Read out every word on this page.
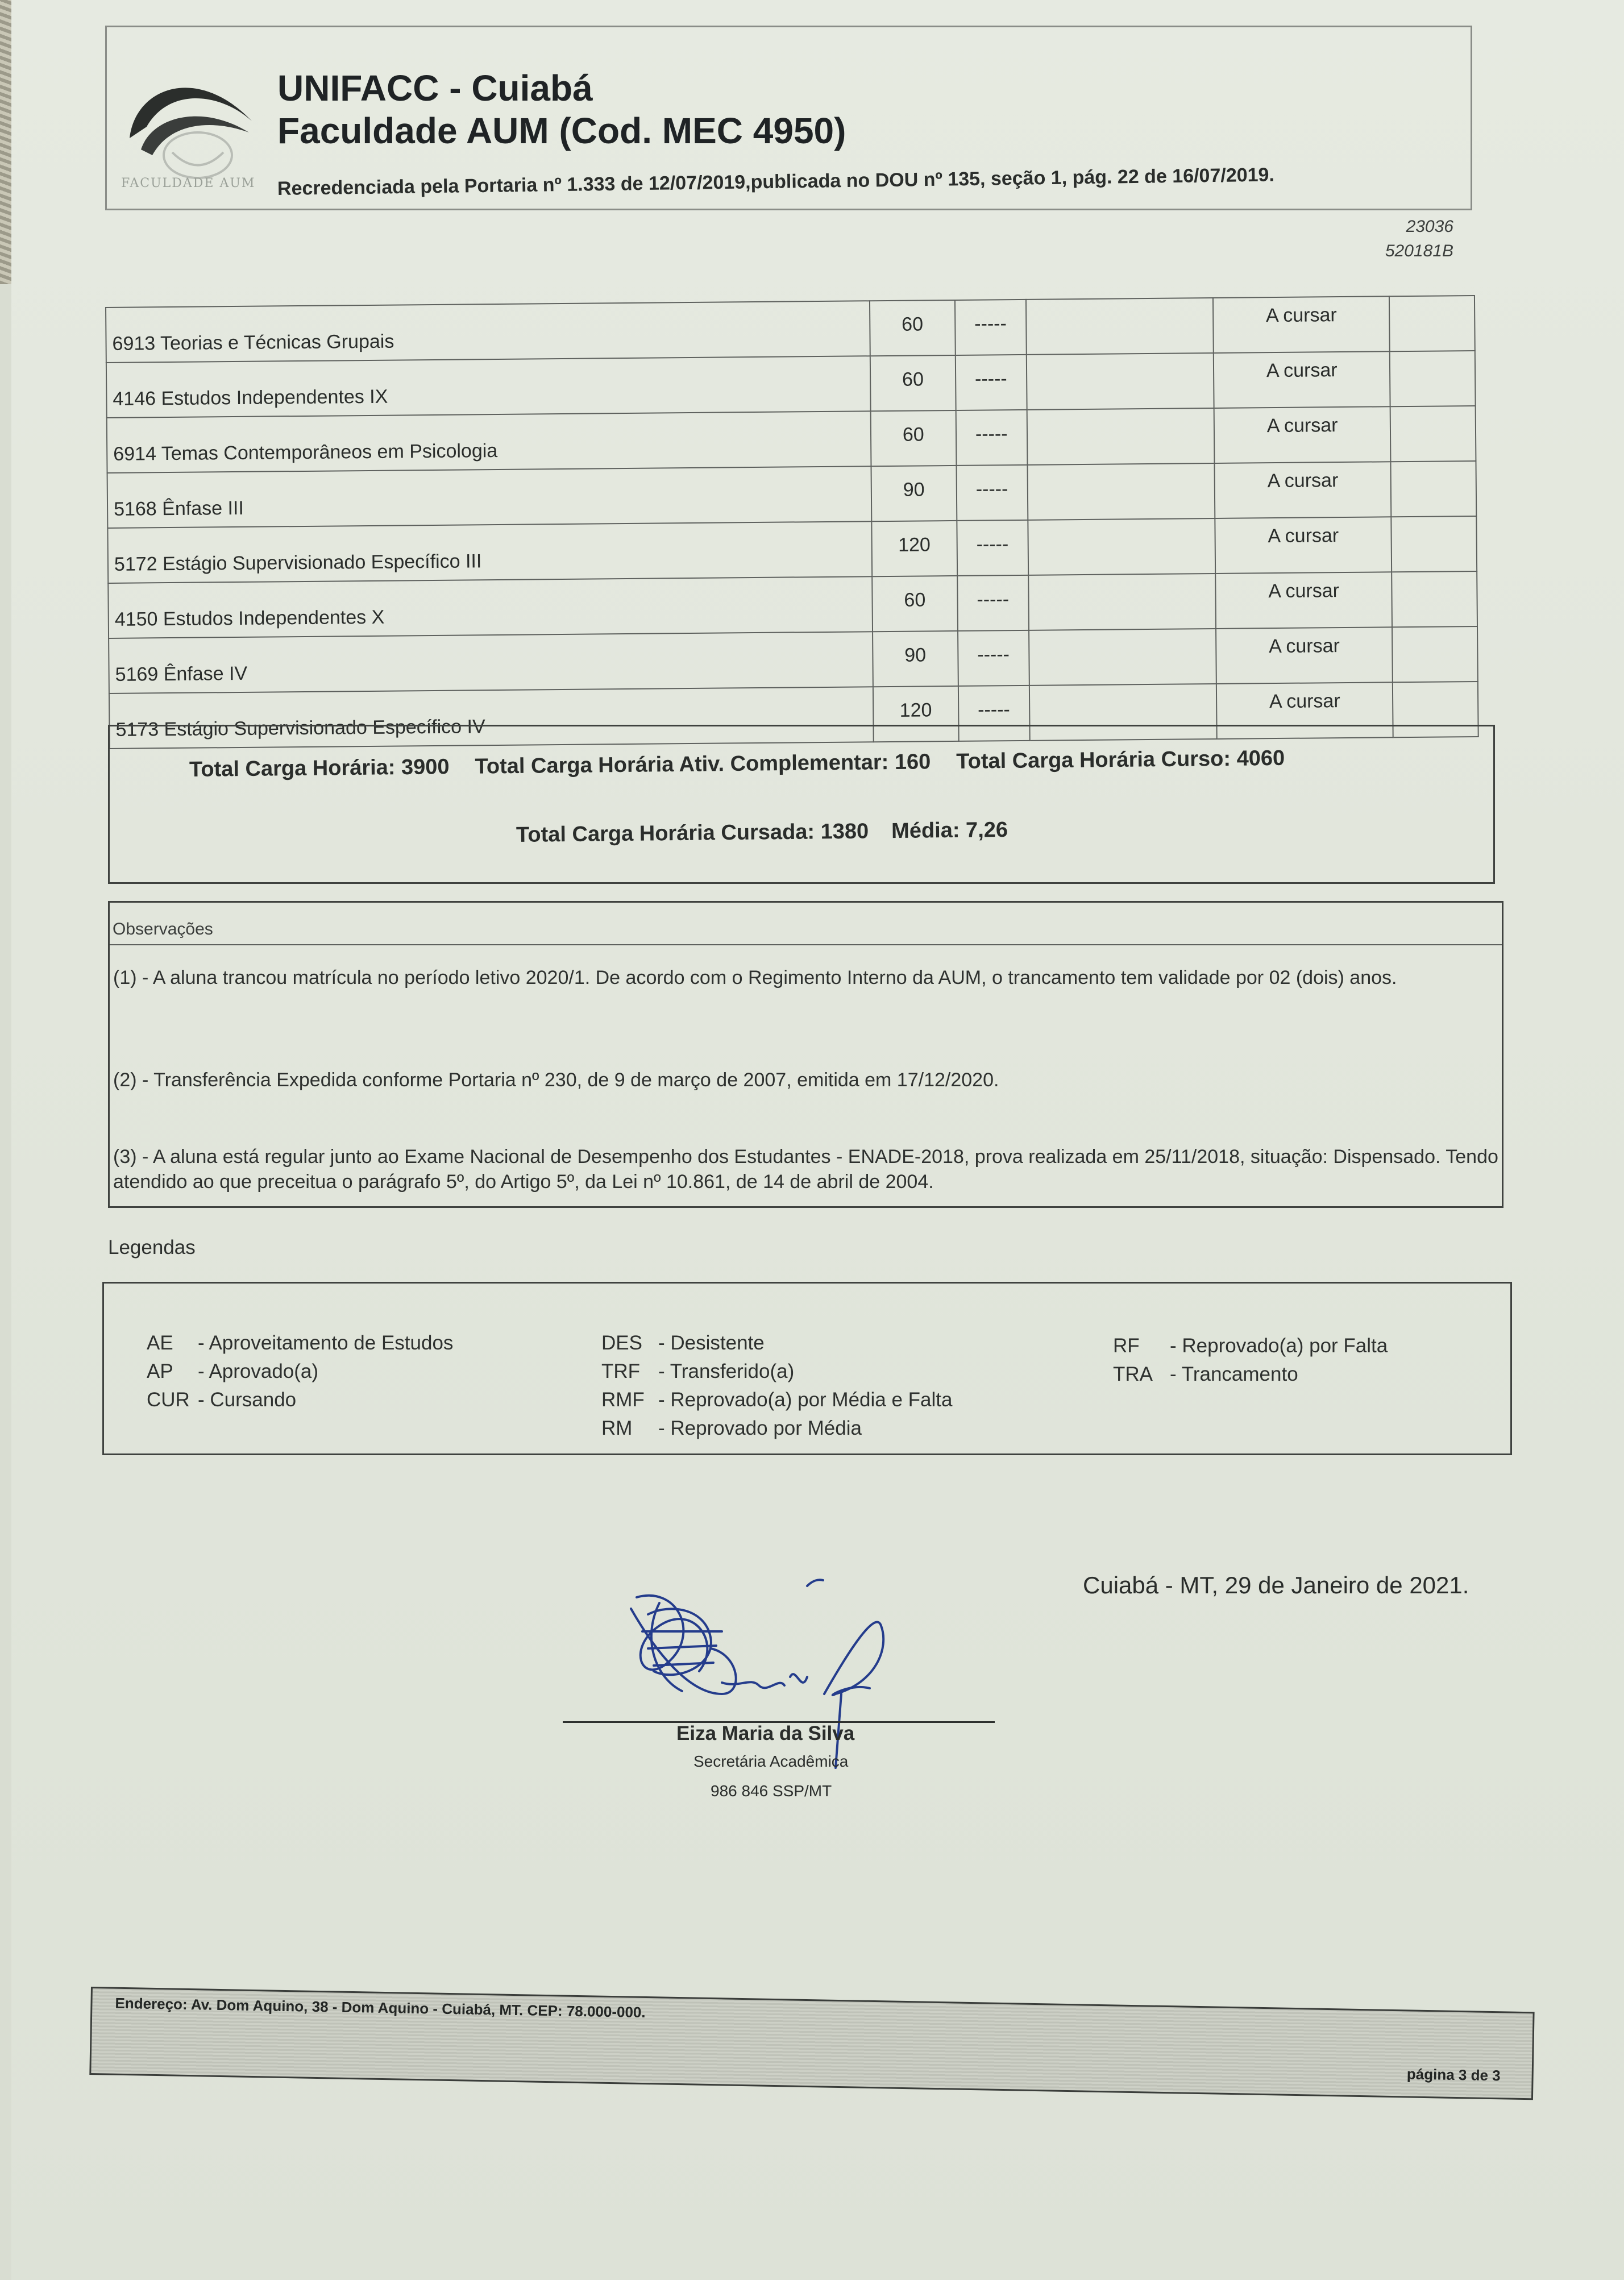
FACULDADE AUM
UNIFACC - Cuiabá
Faculdade AUM (Cod. MEC 4950)
Recredenciada pela Portaria nº 1.333 de 12/07/2019,publicada no DOU nº 135, seção 1, pág. 22 de 16/07/2019.
23036
520181B
6913 Teorias e Técnicas Grupais	60	-----		A cursar	
4146 Estudos Independentes IX	60	-----		A cursar	
6914 Temas Contemporâneos em Psicologia	60	-----		A cursar	
5168 Ênfase III	90	-----		A cursar	
5172 Estágio Supervisionado Específico III	120	-----		A cursar	
4150 Estudos Independentes X	60	-----		A cursar	
5169 Ênfase IV	90	-----		A cursar	
5173 Estágio Supervisionado Específico IV	120	-----		A cursar	
Total Carga Horária: 3900 Total Carga Horária Ativ. Complementar: 160 Total Carga Horária Curso: 4060
Total Carga Horária Cursada: 1380 Média: 7,26
Observações
(1) - A aluna trancou matrícula no período letivo 2020/1. De acordo com o Regimento Interno da AUM, o trancamento tem validade por 02 (dois) anos.
(2) - Transferência Expedida conforme Portaria nº 230, de 9 de março de 2007, emitida em 17/12/2020.
(3) - A aluna está regular junto ao Exame Nacional de Desempenho dos Estudantes - ENADE-2018, prova realizada em 25/11/2018, situação: Dispensado. Tendo atendido ao que preceitua o parágrafo 5º, do Artigo 5º, da Lei nº 10.861, de 14 de abril de 2004.
Legendas
AE	- Aproveitamento de Estudos
AP	- Aprovado(a)
CUR - Cursando
DES - Desistente
TRF - Transferido(a)
RMF - Reprovado(a) por Média e Falta
RM	- Reprovado por Média
RF	- Reprovado(a) por Falta
TRA - Trancamento
Cuiabá - MT, 29 de Janeiro de 2021.
Eiza Maria da Silva
Secretária Acadêmica
986 846 SSP/MT
Endereço: Av. Dom Aquino, 38 - Dom Aquino - Cuiabá, MT. CEP: 78.000-000.
página 3 de 3
